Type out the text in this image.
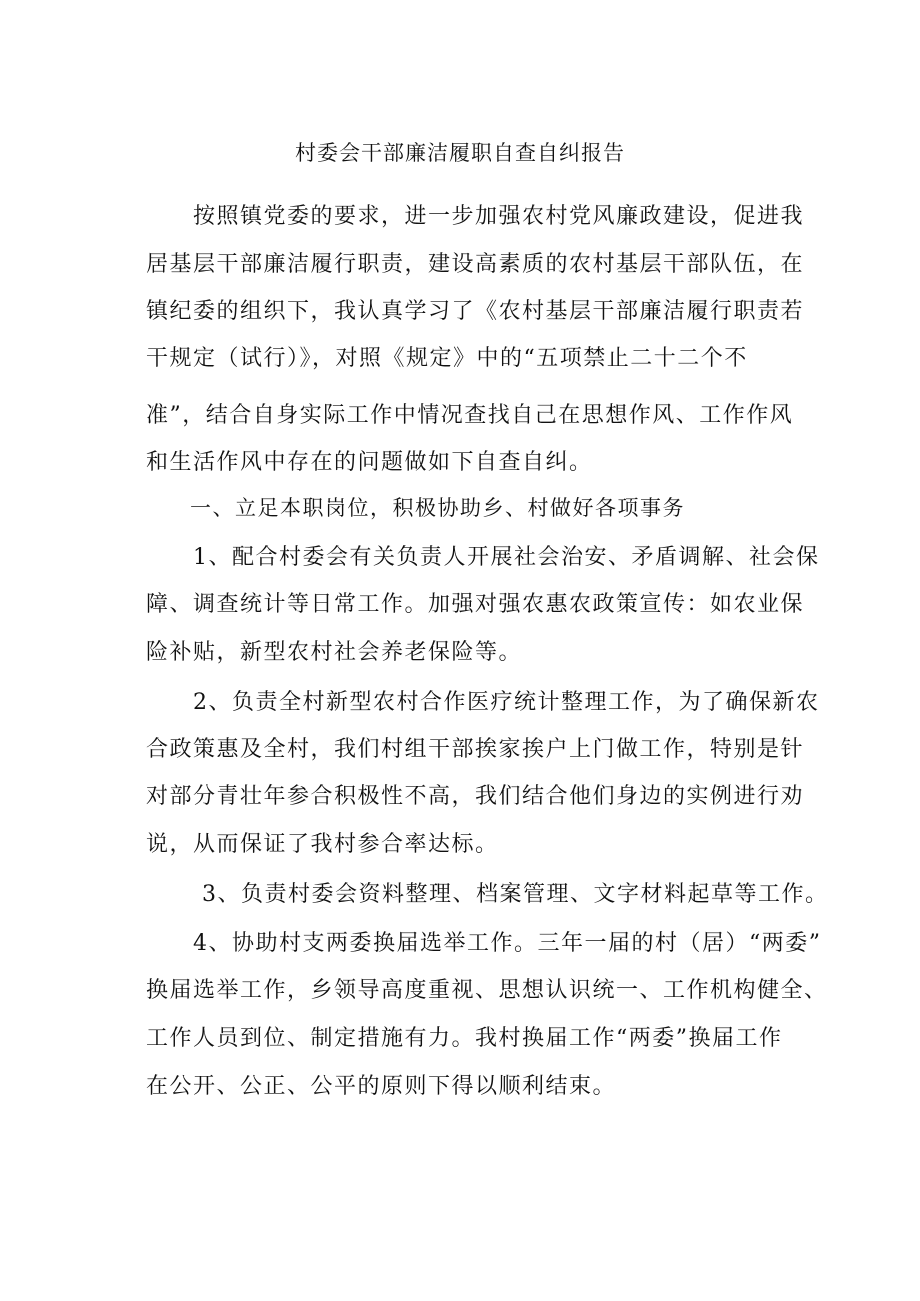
村委会干部廉洁履职自查自纠报告

按照镇党委的要求，进一步加强农村党风廉政建设，促进我

居基层干部廉洁履行职责，建设高素质的农村基层干部队伍，在

镇纪委的组织下，我认真学习了《农村基层干部廉洁履行职责若

干规定（试行）》，对照《规定》中的“五项禁止二十二个不

准”，结合自身实际工作中情况查找自己在思想作风、工作作风

和生活作风中存在的问题做如下自查自纠。

一、立足本职岗位，积极协助乡、村做好各项事务

1、配合村委会有关负责人开展社会治安、矛盾调解、社会保

障、调查统计等日常工作。加强对强农惠农政策宣传：如农业保

险补贴，新型农村社会养老保险等。

2、负责全村新型农村合作医疗统计整理工作，为了确保新农

合政策惠及全村，我们村组干部挨家挨户上门做工作，特别是针

对部分青壮年参合积极性不高，我们结合他们身边的实例进行劝

说，从而保证了我村参合率达标。

3、负责村委会资料整理、档案管理、文字材料起草等工作。

4、协助村支两委换届选举工作。三年一届的村（居）“两委”

换届选举工作，乡领导高度重视、思想认识统一、工作机构健全、

工作人员到位、制定措施有力。我村换届工作“两委”换届工作

在公开、公正、公平的原则下得以顺利结束。
